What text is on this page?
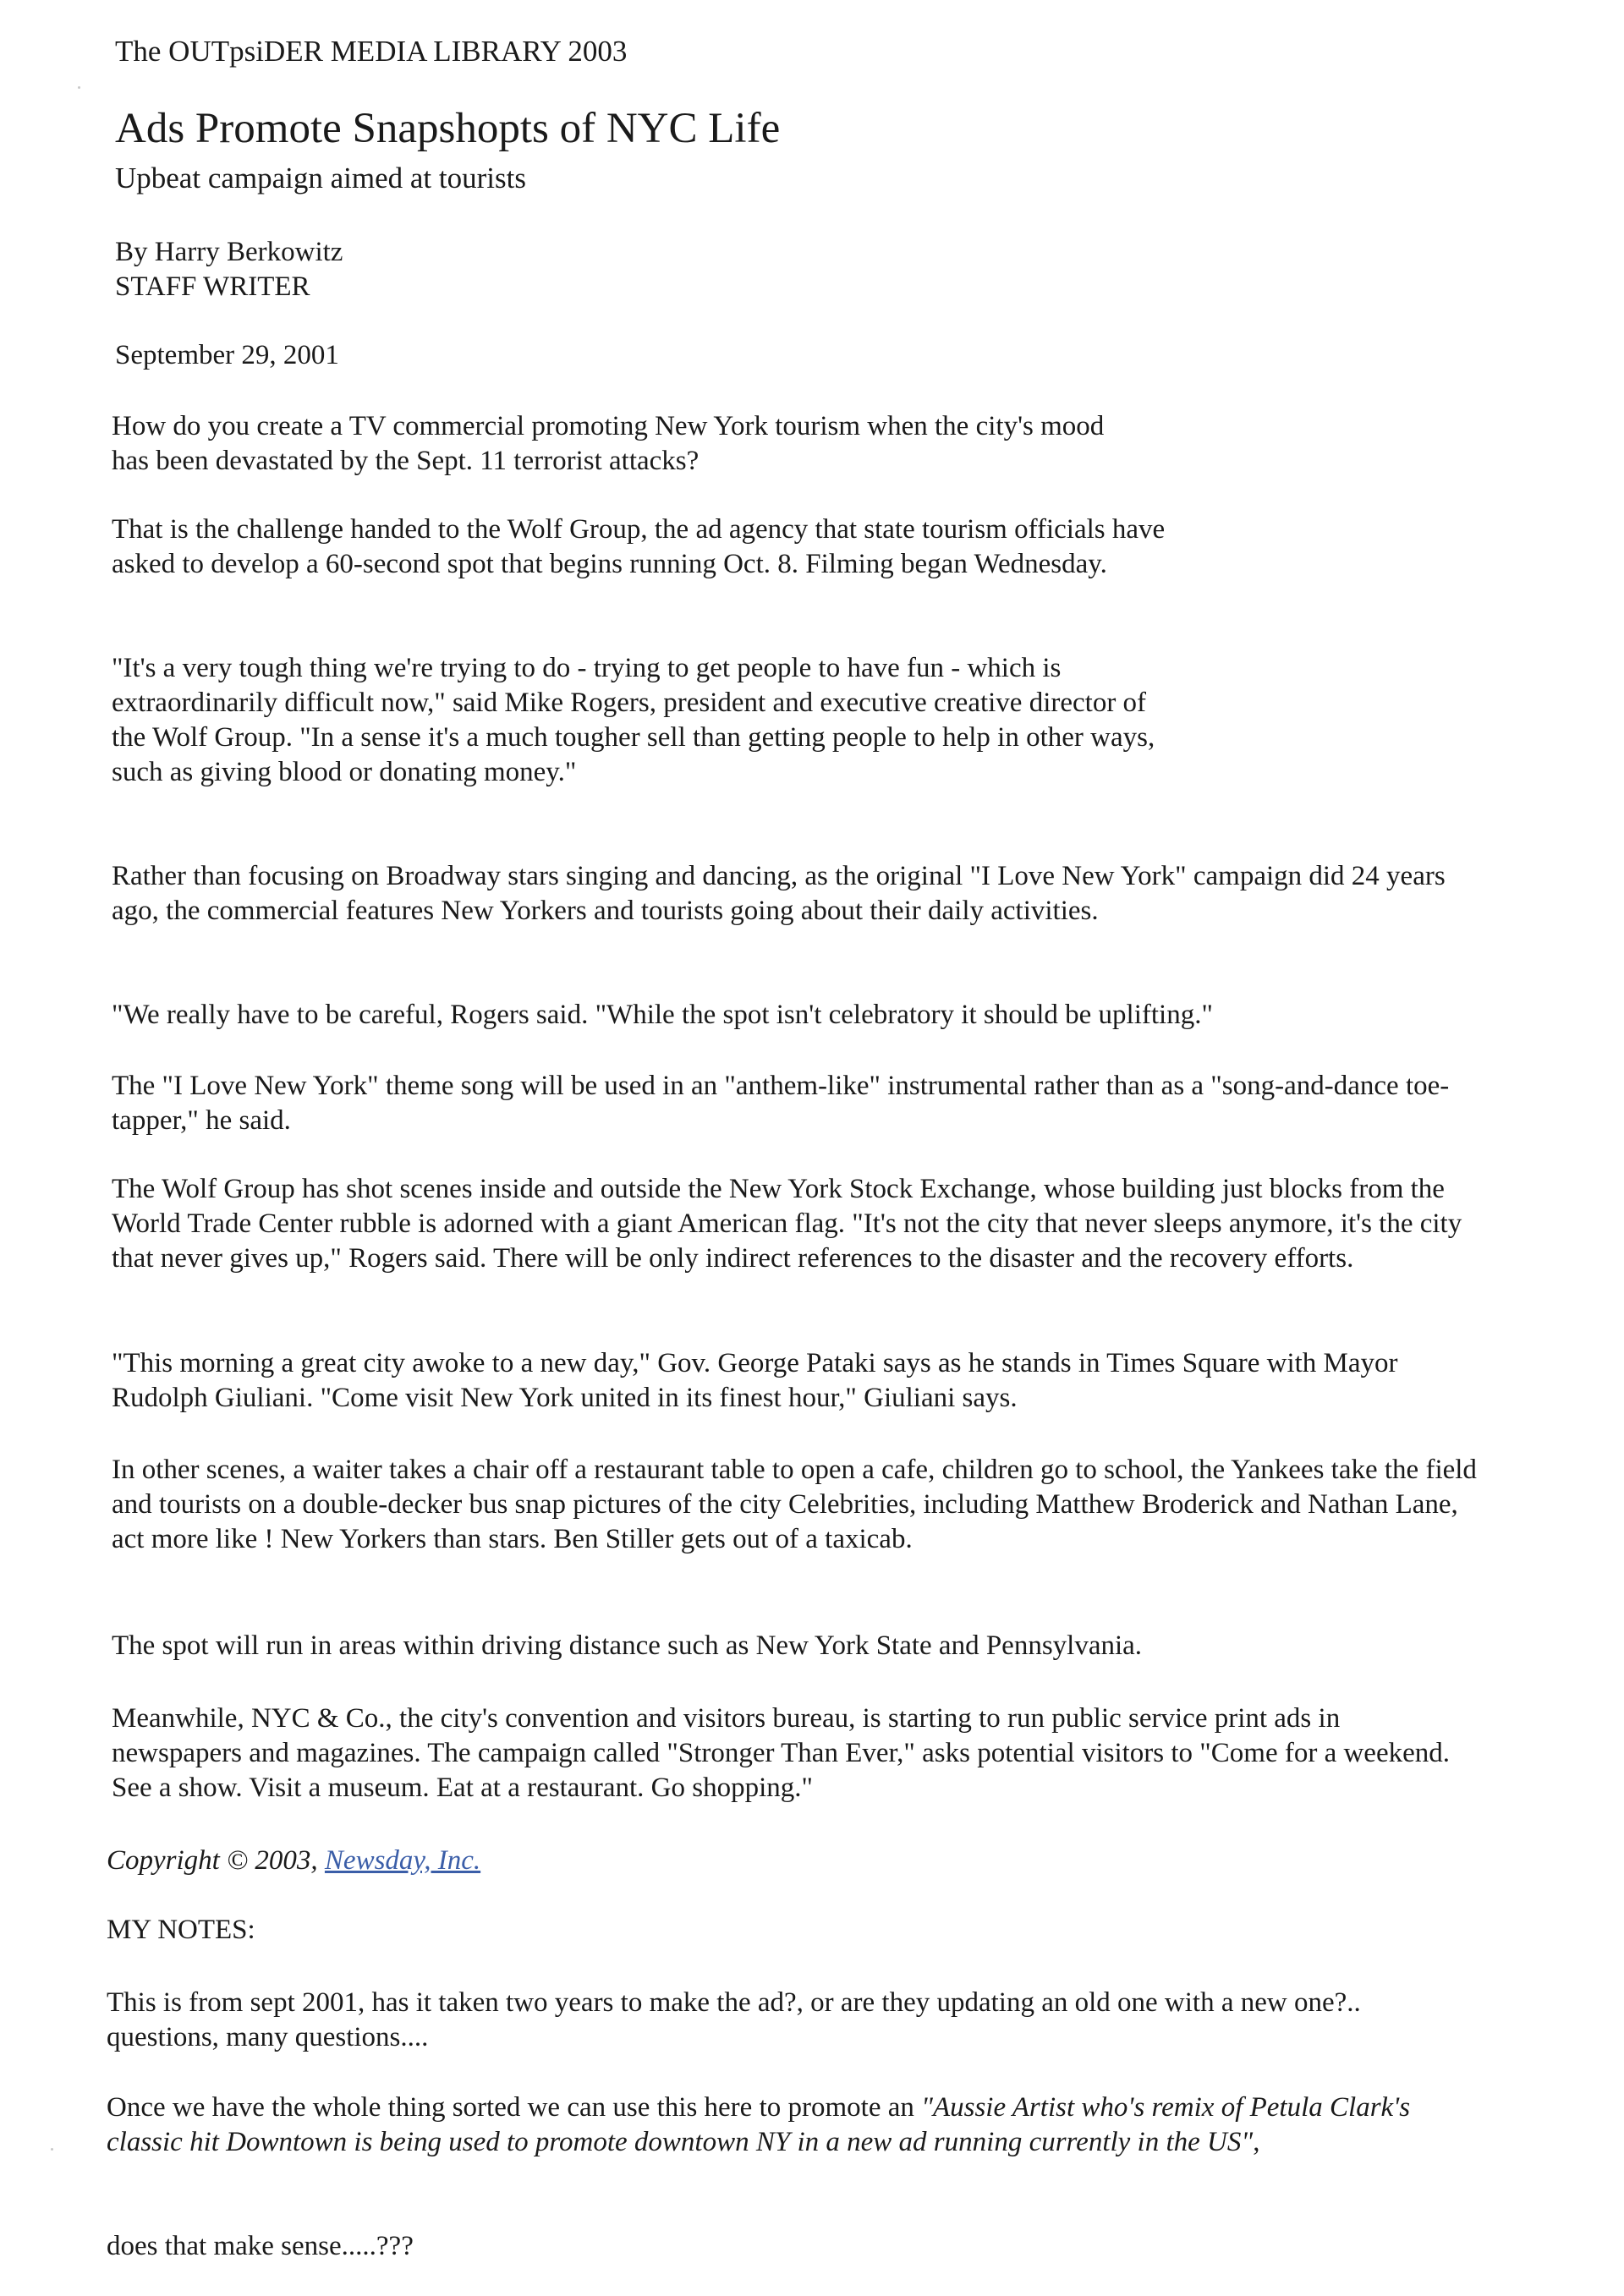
The OUTpsiDER MEDIA LIBRARY 2003

Ads Promote Snapshopts of NYC Life

Upbeat campaign aimed at tourists

By Harry Berkowitz
STAFF WRITER

September 29, 2001

How do you create a TV commercial promoting New York tourism when the city's mood has been devastated by the Sept. 11 terrorist attacks?

That is the challenge handed to the Wolf Group, the ad agency that state tourism officials have asked to develop a 60-second spot that begins running Oct. 8. Filming began Wednesday.

"It's a very tough thing we're trying to do - trying to get people to have fun - which is extraordinarily difficult now," said Mike Rogers, president and executive creative director of the Wolf Group. "In a sense it's a much tougher sell than getting people to help in other ways, such as giving blood or donating money."

Rather than focusing on Broadway stars singing and dancing, as the original "I Love New York" campaign did 24 years ago, the commercial features New Yorkers and tourists going about their daily activities.

"We really have to be careful, Rogers said. "While the spot isn't celebratory it should be uplifting."

The "I Love New York" theme song will be used in an "anthem-like" instrumental rather than as a "song-and-dance toe-tapper," he said.

The Wolf Group has shot scenes inside and outside the New York Stock Exchange, whose building just blocks from the World Trade Center rubble is adorned with a giant American flag. "It's not the city that never sleeps anymore, it's the city that never gives up," Rogers said. There will be only indirect references to the disaster and the recovery efforts.

"This morning a great city awoke to a new day," Gov. George Pataki says as he stands in Times Square with Mayor Rudolph Giuliani. "Come visit New York united in its finest hour," Giuliani says.

In other scenes, a waiter takes a chair off a restaurant table to open a cafe, children go to school, the Yankees take the field and tourists on a double-decker bus snap pictures of the city Celebrities, including Matthew Broderick and Nathan Lane, act more like ! New Yorkers than stars. Ben Stiller gets out of a taxicab.

The spot will run in areas within driving distance such as New York State and Pennsylvania.

Meanwhile, NYC & Co., the city's convention and visitors bureau, is starting to run public service print ads in newspapers and magazines. The campaign called "Stronger Than Ever," asks potential visitors to "Come for a weekend. See a show. Visit a museum. Eat at a restaurant. Go shopping."

Copyright © 2003, Newsday, Inc.

MY NOTES:

This is from sept 2001, has it taken two years to make the ad?, or are they updating an old one with a new one?.. questions, many questions....

Once we have the whole thing sorted we can use this here to promote an "Aussie Artist who's remix of Petula Clark's classic hit Downtown is being used to promote downtown NY in a new ad running currently in the US",

does that make sense.....???
